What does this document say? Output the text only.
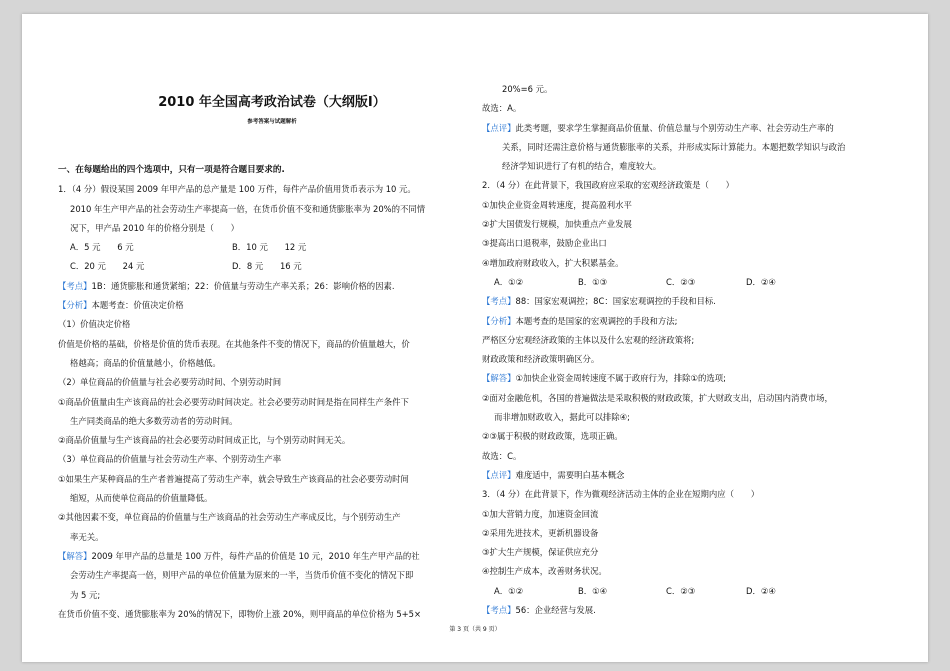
2010 年全国高考政治试卷（大纲版Ⅰ）
参考答案与试题解析
一、在每题给出的四个选项中，只有一项是符合题目要求的.
1．（4 分）假设某国 2009 年甲产品的总产量是 100 万件，每件产品价值用货币表示为 10 元。
2010 年生产甲产品的社会劳动生产率提高一倍，在货币价值不变和通货膨胀率为 20%的不同情
况下，甲产品 2010 年的价格分别是（　　）
A．5 元　　6 元	B．10 元　　12 元
C．20 元　　24 元	D．8 元　　16 元
【考点】1B：通货膨胀和通货紧缩；22：价值量与劳动生产率关系；26：影响价格的因素.
【分析】本题考查：价值决定价格
（1）价值决定价格
价值是价格的基础，价格是价值的货币表现。在其他条件不变的情况下，商品的价值量越大，价
格越高；商品的价值量越小，价格越低。
（2）单位商品的价值量与社会必要劳动时间、个别劳动时间
①商品价值量由生产该商品的社会必要劳动时间决定。社会必要劳动时间是指在同样生产条件下
生产同类商品的绝大多数劳动者的劳动时间。
②商品价值量与生产该商品的社会必要劳动时间成正比，与个别劳动时间无关。
（3）单位商品的价值量与社会劳动生产率、个别劳动生产率
①如果生产某种商品的生产者普遍提高了劳动生产率，就会导致生产该商品的社会必要劳动时间
缩短，从而使单位商品的价值量降低。
②其他因素不变，单位商品的价值量与生产该商品的社会劳动生产率成反比，与个别劳动生产
率无关。
【解答】2009 年甲产品的总量是 100 万件，每件产品的价值是 10 元，2010 年生产甲产品的社
会劳动生产率提高一倍，则甲产品的单位价值量为原来的一半，当货币价值不变化的情况下即
为 5 元;
在货币价值不变、通货膨胀率为 20%的情况下，即物价上涨 20%，则甲商品的单位价格为 5+5×
20%=6 元。
故选：A。
【点评】此类考题，要求学生掌握商品价值量、价值总量与个别劳动生产率、社会劳动生产率的
关系，同时还需注意价格与通货膨胀率的关系，并形成实际计算能力。本题把数学知识与政治
经济学知识进行了有机的结合，难度较大。
2．（4 分）在此背景下，我国政府应采取的宏观经济政策是（　　）
①加快企业资金周转速度，提高盈利水平
②扩大国债发行规模，加快重点产业发展
③提高出口退税率，鼓励企业出口
④增加政府财政收入，扩大积累基金。
A．①②	B．①③	C．②③	D．②④
【考点】88：国家宏观调控；8C：国家宏观调控的手段和目标.
【分析】本题考查的是国家的宏观调控的手段和方法;
严格区分宏观经济政策的主体以及什么宏观的经济政策将;
财政政策和经济政策明确区分。
【解答】①加快企业资金周转速度不属于政府行为，排除①的选项;
②面对金融危机，各国的普遍做法是采取积极的财政政策，扩大财政支出，启动国内消费市场，
而非增加财政收入，据此可以排除④;
②③属于积极的财政政策，选项正确。
故选：C。
【点评】难度适中，需要明白基本概念
3．（4 分）在此背景下，作为微观经济活动主体的企业在短期内应（　　）
①加大营销力度，加速资金回流
②采用先进技术，更新机器设备
③扩大生产规模，保证供应充分
④控制生产成本，改善财务状况。
A．①②	B．①④	C．②③	D．②④
【考点】56：企业经营与发展.
第 3 页（共 9 页）
